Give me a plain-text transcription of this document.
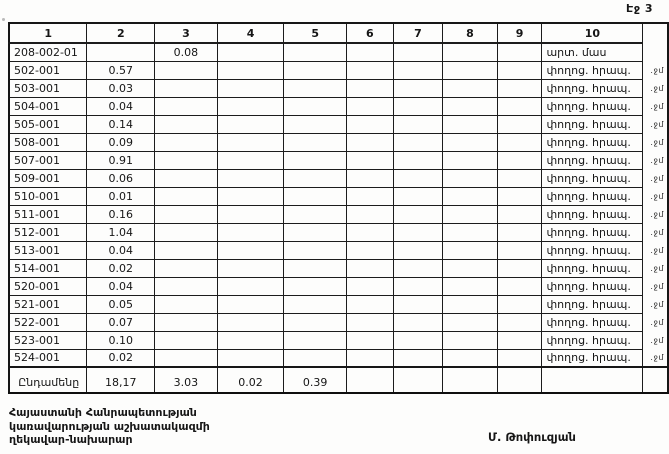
Էջ 3
1	2	3	4	5	6	7	8	9	10	
208-002-01		0.08							արտ. մաս	
502-001	0.57								փողոց. հրապ.	.ջմ
503-001	0.03								փողոց. հրապ.	.ջմ
504-001	0.04								փողոց. հրապ.	.ջմ
505-001	0.14								փողոց. հրապ.	.ջմ
508-001	0.09								փողոց. հրապ.	.ջմ
507-001	0.91								փողոց. հրապ.	.ջմ
509-001	0.06								փողոց. հրապ.	.ջմ
510-001	0.01								փողոց. հրապ.	.ջմ
511-001	0.16								փողոց. հրապ.	.ջմ
512-001	1.04								փողոց. հրապ.	.ջմ
513-001	0.04								փողոց. հրապ.	.ջմ
514-001	0.02								փողոց. հրապ.	.ջմ
520-001	0.04								փողոց. հրապ.	.ջմ
521-001	0.05								փողոց. հրապ.	.ջմ
522-001	0.07								փողոց. հրապ.	.ջմ
523-001	0.10								փողոց. հրապ.	.ջմ
524-001	0.02								փողոց. հրապ.	.ջմ
Ընդամենը	18,17	3.03	0.02	0.39						
Հայաստանի Հանրապետության
կառավարության աշխատակազմի
ղեկավար-նախարար	Մ. Թոփուզյան
